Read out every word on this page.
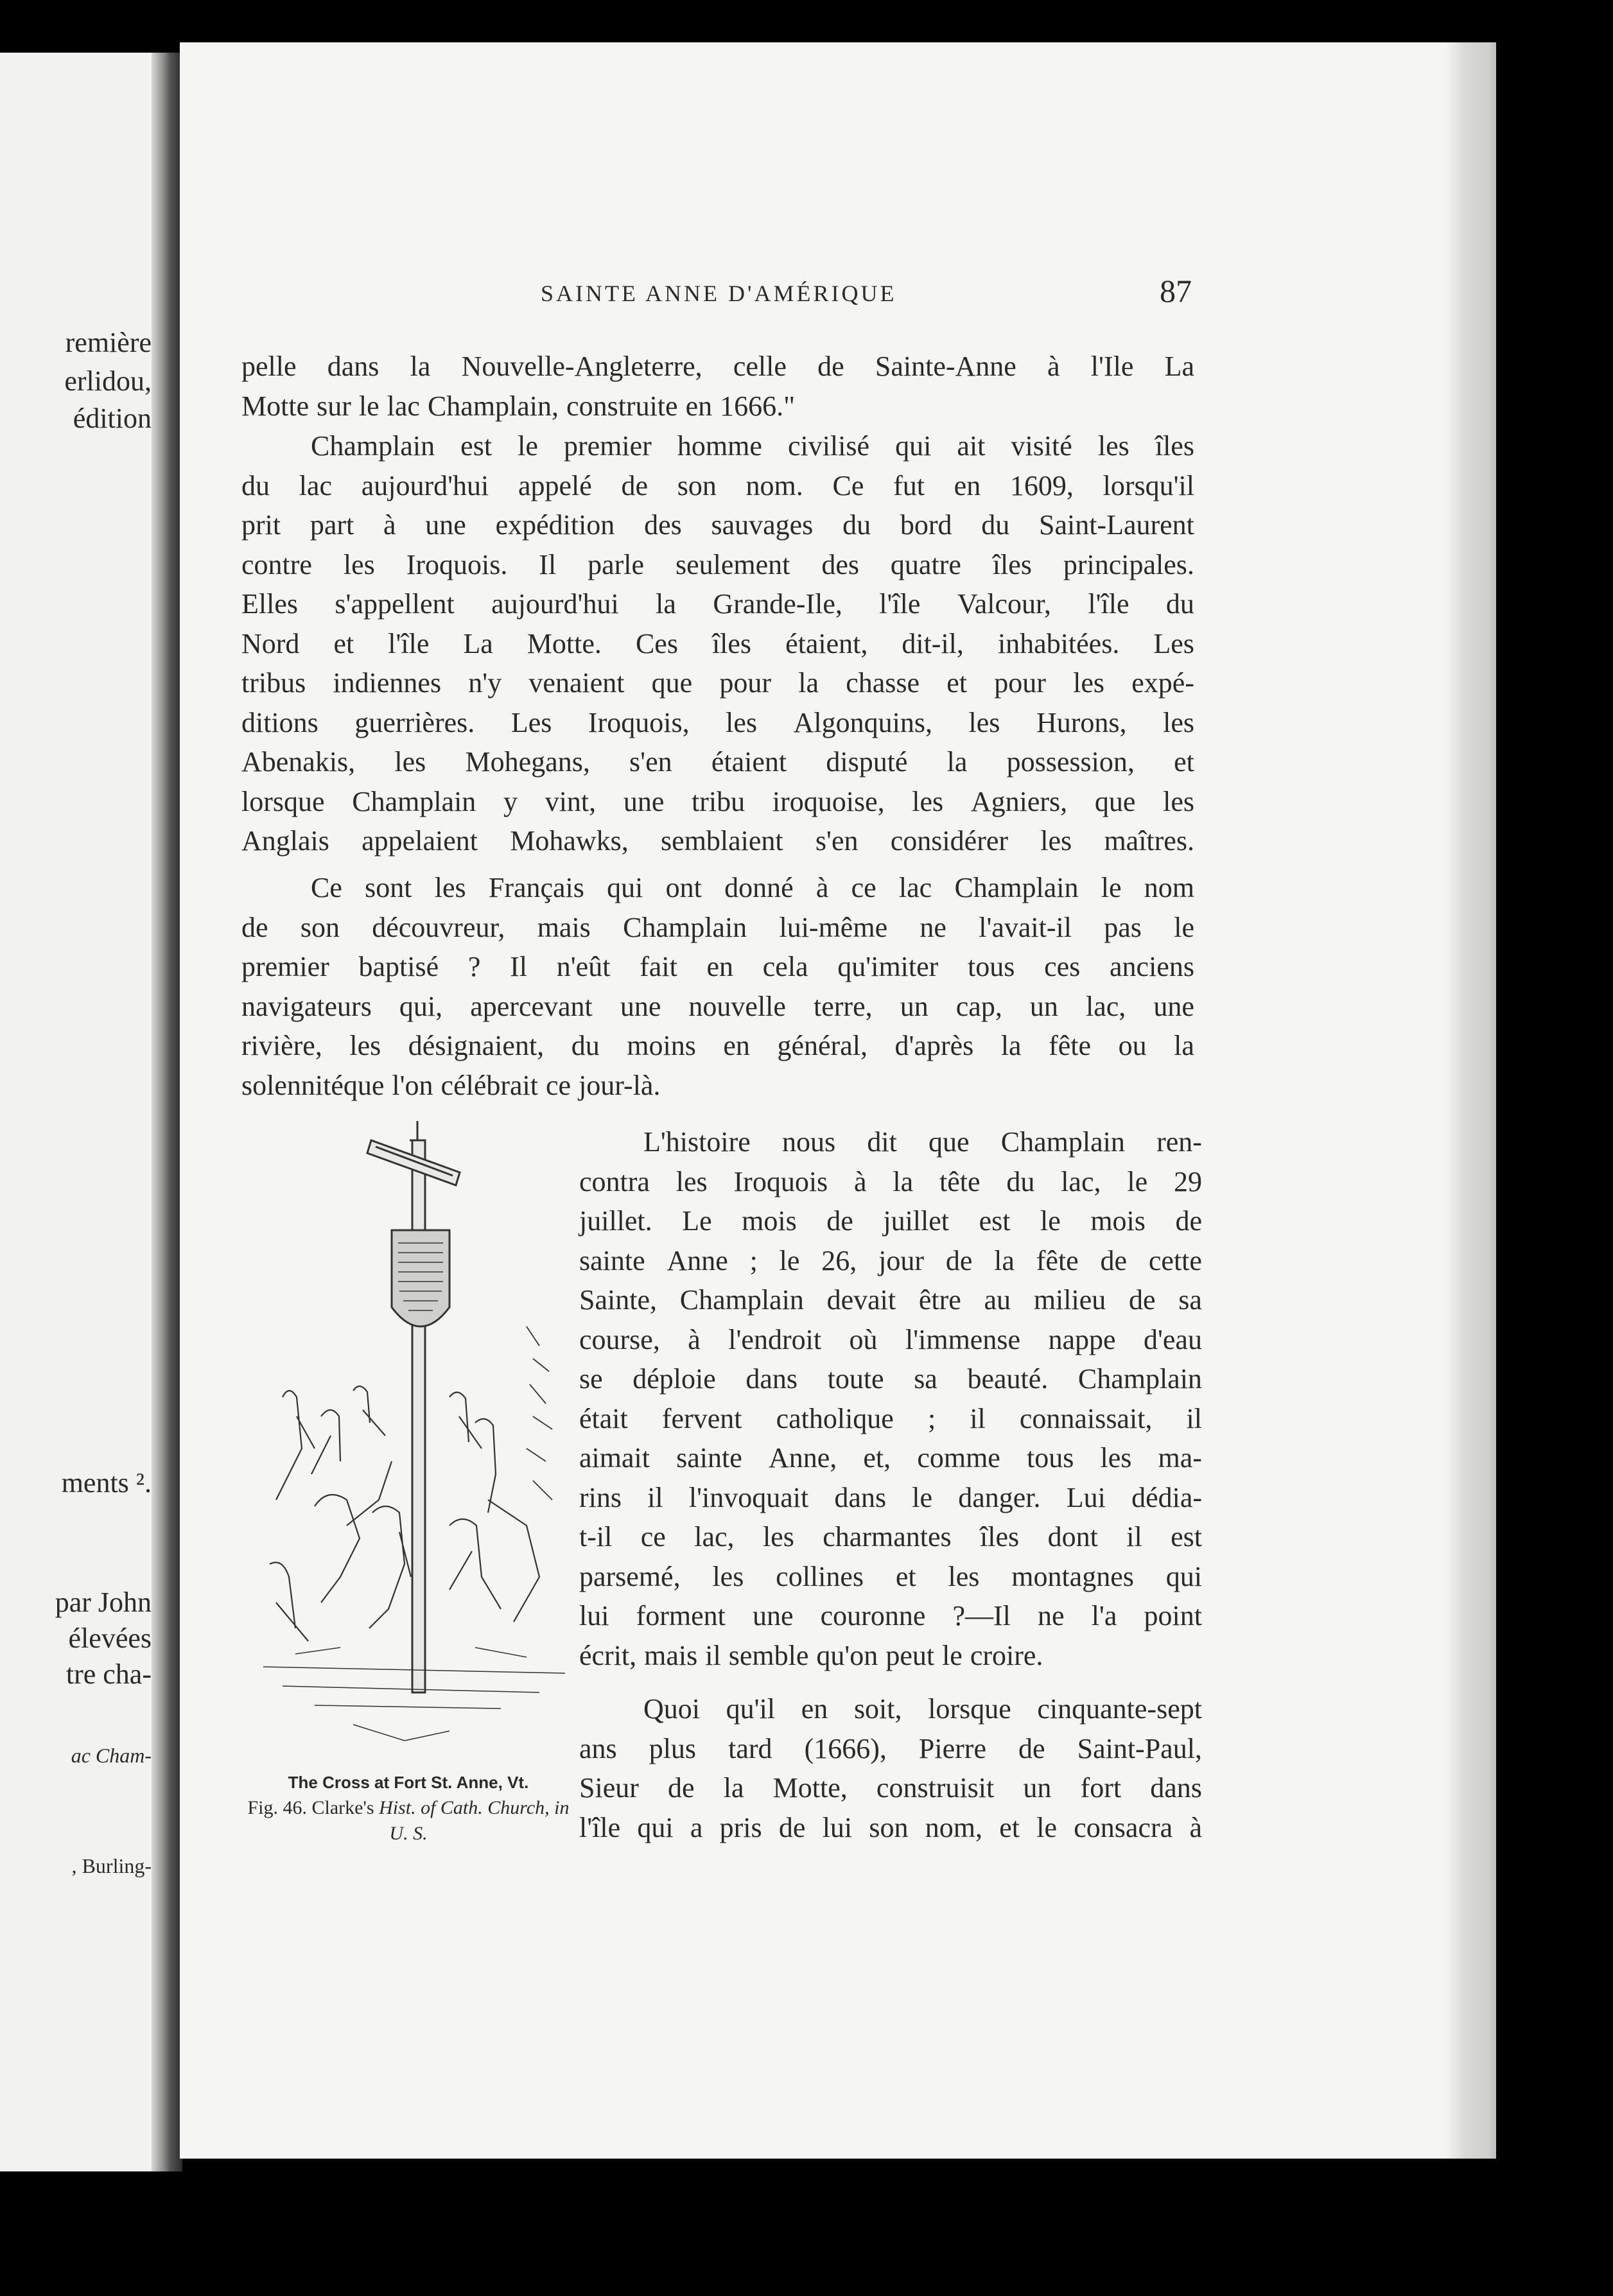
remière
erlidou,
édition
ments ².
par John
élevées
tre cha-
ac Cham-
, Burling-
SAINTE ANNE D'AMÉRIQUE	87
pelle dans la Nouvelle-Angleterre, celle de Sainte-Anne à l'Ile La
Motte sur le lac Champlain, construite en 1666."
Champlain est le premier homme civilisé qui ait visité les îles
du lac aujourd'hui appelé de son nom. Ce fut en 1609, lorsqu'il
prit part à une expédition des sauvages du bord du Saint-Laurent
contre les Iroquois. Il parle seulement des quatre îles principales.
Elles s'appellent aujourd'hui la Grande-Ile, l'île Valcour, l'île du
Nord et l'île La Motte. Ces îles étaient, dit-il, inhabitées. Les
tribus indiennes n'y venaient que pour la chasse et pour les expé-
ditions guerrières. Les Iroquois, les Algonquins, les Hurons, les
Abenakis, les Mohegans, s'en étaient disputé la possession, et
lorsque Champlain y vint, une tribu iroquoise, les Agniers, que les
Anglais appelaient Mohawks, semblaient s'en considérer les maîtres.
Ce sont les Français qui ont donné à ce lac Champlain le nom
de son découvreur, mais Champlain lui-même ne l'avait-il pas le
premier baptisé ? Il n'eût fait en cela qu'imiter tous ces anciens
navigateurs qui, apercevant une nouvelle terre, un cap, un lac, une
rivière, les désignaient, du moins en général, d'après la fête ou la
solennitéque l'on célébrait ce jour-là.
The Cross at Fort St. Anne, Vt.
Fig. 46. Clarke's Hist. of Cath. Church, in U. S.
L'histoire nous dit que Champlain ren-
contra les Iroquois à la tête du lac, le 29
juillet. Le mois de juillet est le mois de
sainte Anne ; le 26, jour de la fête de cette
Sainte, Champlain devait être au milieu de sa
course, à l'endroit où l'immense nappe d'eau
se déploie dans toute sa beauté. Champlain
était fervent catholique ; il connaissait, il
aimait sainte Anne, et, comme tous les ma-
rins il l'invoquait dans le danger. Lui dédia-
t-il ce lac, les charmantes îles dont il est
parsemé, les collines et les montagnes qui
lui forment une couronne ?—Il ne l'a point
écrit, mais il semble qu'on peut le croire.
Quoi qu'il en soit, lorsque cinquante-sept
ans plus tard (1666), Pierre de Saint-Paul,
Sieur de la Motte, construisit un fort dans
l'île qui a pris de lui son nom, et le consacra à
